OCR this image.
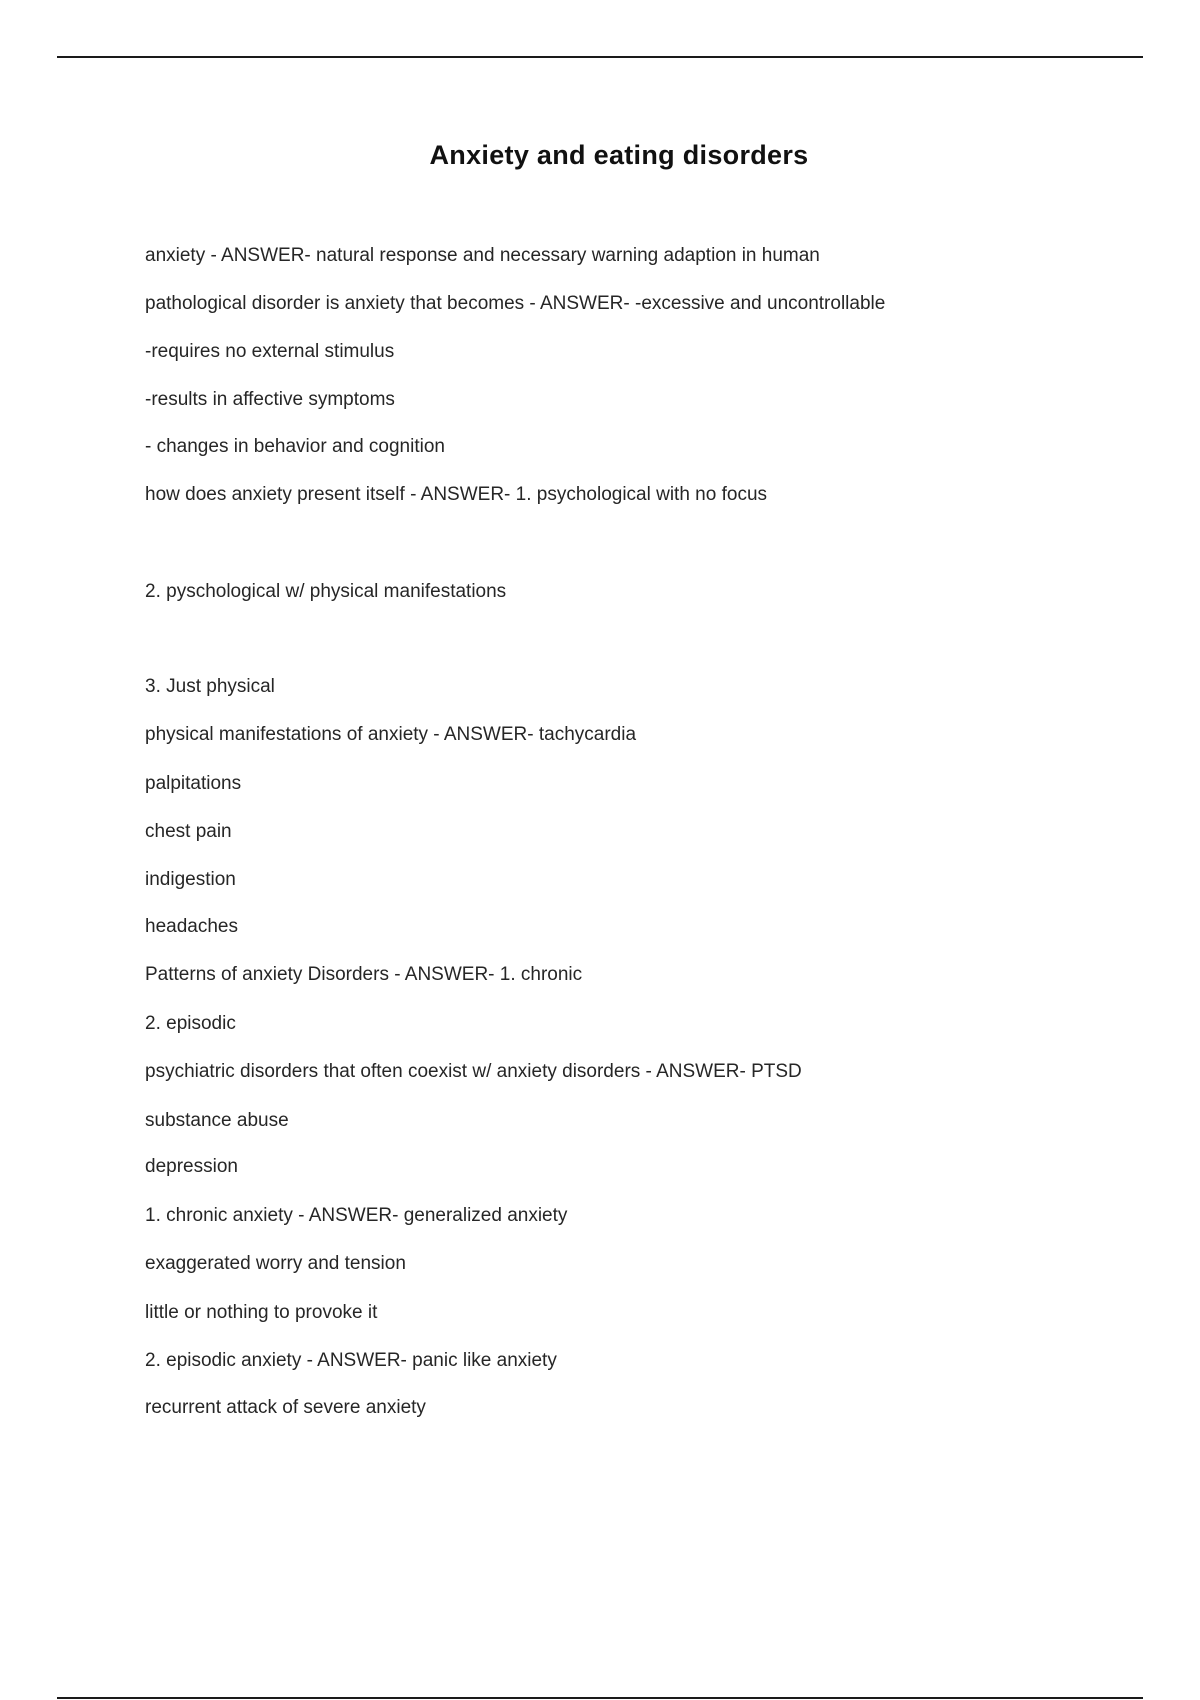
Anxiety and eating disorders
anxiety - ANSWER- natural response and necessary warning adaption in human
pathological disorder is anxiety that becomes - ANSWER- -excessive and uncontrollable
-requires no external stimulus
-results in affective symptoms
- changes in behavior and cognition
how does anxiety present itself - ANSWER- 1. psychological with no focus
2. pyschological w/ physical manifestations
3. Just physical
physical manifestations of anxiety - ANSWER- tachycardia
palpitations
chest pain
indigestion
headaches
Patterns of anxiety Disorders - ANSWER- 1. chronic
2. episodic
psychiatric disorders that often coexist w/ anxiety disorders - ANSWER- PTSD
substance abuse
depression
1. chronic anxiety - ANSWER- generalized anxiety
exaggerated worry and tension
little or nothing to provoke it
2. episodic anxiety - ANSWER- panic like anxiety
recurrent attack of severe anxiety
